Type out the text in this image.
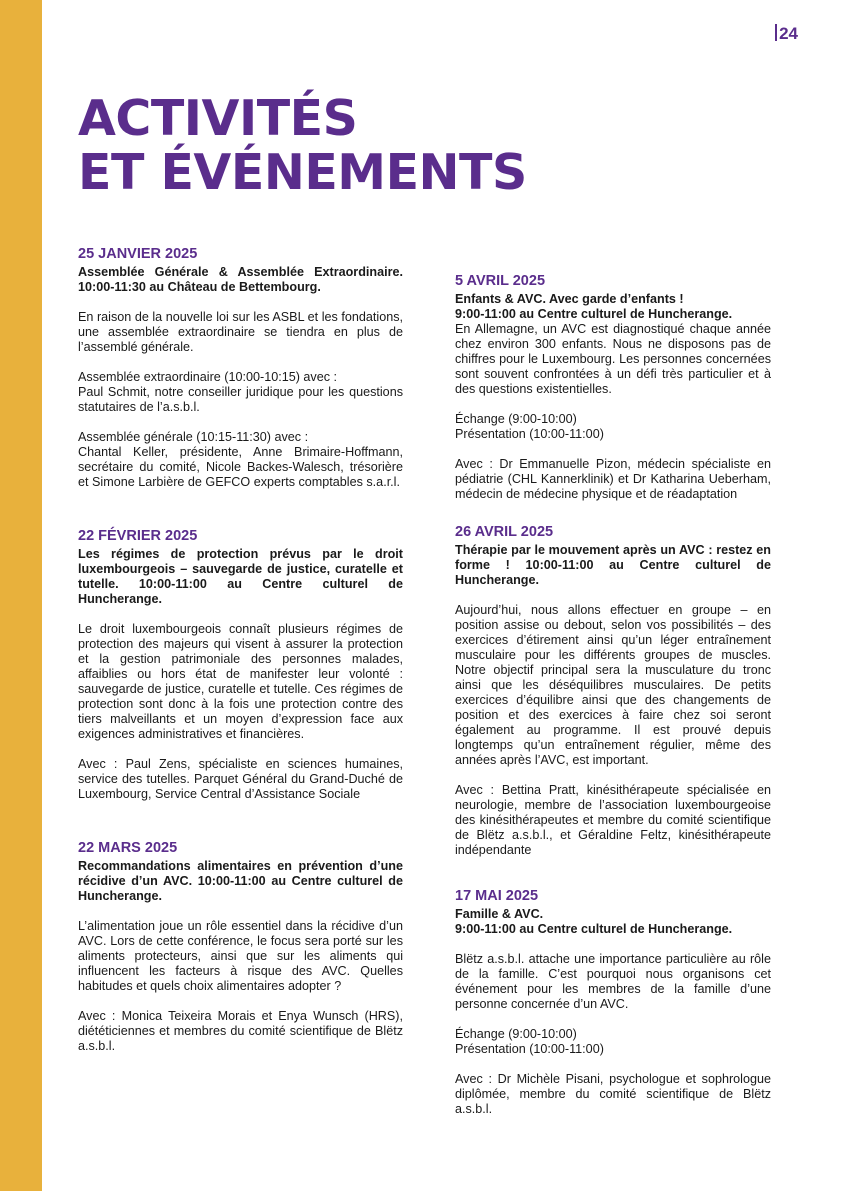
24
ACTIVITÉS
ET ÉVÉNEMENTS
25 JANVIER 2025
Assemblée Générale & Assemblée Extraordinaire. 10:00-11:30 au Château de Bettembourg.
En raison de la nouvelle loi sur les ASBL et les fondations, une assemblée extraordinaire se tiendra en plus de l’assemblé générale.
Assemblée extraordinaire (10:00-10:15) avec :
Paul Schmit, notre conseiller juridique pour les questions statutaires de l’a.s.b.l.
Assemblée générale (10:15-11:30) avec :
Chantal Keller, présidente, Anne Brimaire-Hoffmann, secrétaire du comité, Nicole Backes-Walesch, trésorière et Simone Larbière de GEFCO experts comptables s.a.r.l.
22 FÉVRIER 2025
Les régimes de protection prévus par le droit luxembourgeois – sauvegarde de justice, curatelle et tutelle. 10:00-11:00 au Centre culturel de Huncherange.
Le droit luxembourgeois connaît plusieurs régimes de protection des majeurs qui visent à assurer la protection et la gestion patrimoniale des personnes malades, affaiblies ou hors état de manifester leur volonté : sauvegarde de justice, curatelle et tutelle. Ces régimes de protection sont donc à la fois une protection contre des tiers malveillants et un moyen d’expression face aux exigences administratives et financières.
Avec : Paul Zens, spécialiste en sciences humaines, service des tutelles. Parquet Général du Grand-Duché de Luxembourg, Service Central d’Assistance Sociale
22 MARS 2025
Recommandations alimentaires en prévention d’une récidive d’un AVC. 10:00-11:00 au Centre culturel de Huncherange.
L’alimentation joue un rôle essentiel dans la récidive d’un AVC. Lors de cette conférence, le focus sera porté sur les aliments protecteurs, ainsi que sur les aliments qui influencent les facteurs à risque des AVC. Quelles habitudes et quels choix alimentaires adopter ?
Avec : Monica Teixeira Morais et Enya Wunsch (HRS), diététiciennes et membres du comité scientifique de Blëtz a.s.b.l.
5 AVRIL 2025
Enfants & AVC. Avec garde d’enfants !
9:00-11:00 au Centre culturel de Huncherange.
En Allemagne, un AVC est diagnostiqué chaque année chez environ 300 enfants. Nous ne disposons pas de chiffres pour le Luxembourg. Les personnes concernées sont souvent confrontées à un défi très particulier et à des questions existentielles.
Échange (9:00-10:00)
Présentation (10:00-11:00)
Avec : Dr Emmanuelle Pizon, médecin spécialiste en pédiatrie (CHL Kannerklinik) et Dr Katharina Ueberham, médecin de médecine physique et de réadaptation
26 AVRIL 2025
Thérapie par le mouvement après un AVC : restez en forme ! 10:00-11:00 au Centre culturel de Huncherange.
Aujourd’hui, nous allons effectuer en groupe – en position assise ou debout, selon vos possibilités – des exercices d’étirement ainsi qu’un léger entraînement musculaire pour les différents groupes de muscles. Notre objectif principal sera la musculature du tronc ainsi que les déséquilibres musculaires. De petits exercices d’équilibre ainsi que des changements de position et des exercices à faire chez soi seront également au programme. Il est prouvé depuis longtemps qu’un entraînement régulier, même des années après l’AVC, est important.
Avec : Bettina Pratt, kinésithérapeute spécialisée en neurologie, membre de l’association luxembourgeoise des kinésithérapeutes et membre du comité scientifique de Blëtz a.s.b.l., et Géraldine Feltz, kinésithérapeute indépendante
17 MAI 2025
Famille & AVC.
9:00-11:00 au Centre culturel de Huncherange.
Blëtz a.s.b.l. attache une importance particulière au rôle de la famille. C’est pourquoi nous organisons cet événement pour les membres de la famille d’une personne concernée d’un AVC.
Échange (9:00-10:00)
Présentation (10:00-11:00)
Avec : Dr Michèle Pisani, psychologue et sophrologue diplômée, membre du comité scientifique de Blëtz a.s.b.l.
